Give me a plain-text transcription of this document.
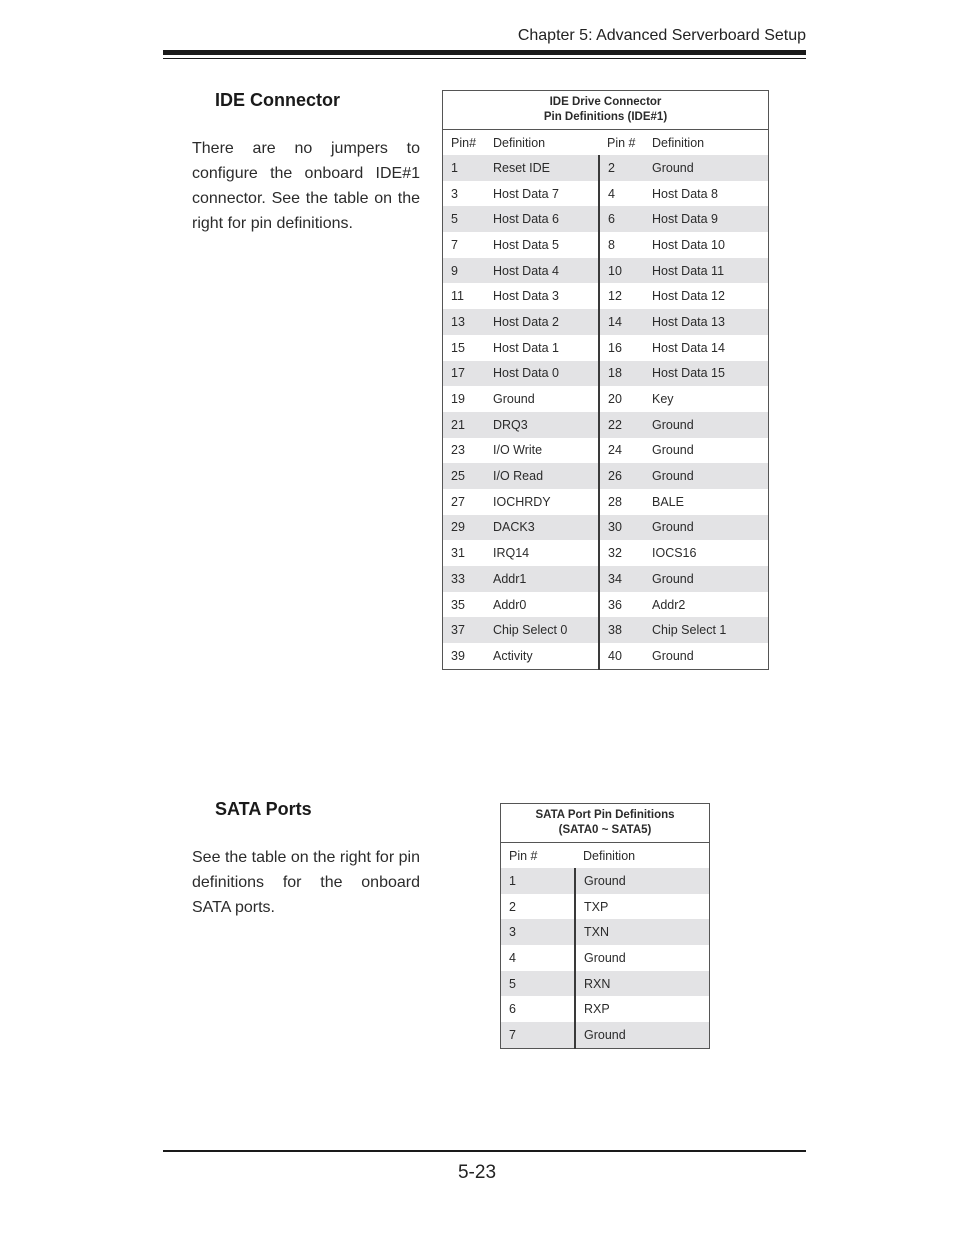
Chapter 5: Advanced Serverboard Setup
IDE Connector

There are no jumpers to configure the onboard IDE#1 connector. See the table on the right for pin definitions.

IDE Drive Connector
Pin Definitions (IDE#1)			
Pin#	Definition	Pin #	Definition
1	Reset IDE	2	Ground
3	Host Data 7	4	Host Data 8
5	Host Data 6	6	Host Data 9
7	Host Data 5	8	Host Data 10
9	Host Data 4	10	Host Data 11
11	Host Data 3	12	Host Data 12
13	Host Data 2	14	Host Data 13
15	Host Data 1	16	Host Data 14
17	Host Data 0	18	Host Data 15
19	Ground	20	Key
21	DRQ3	22	Ground
23	I/O Write	24	Ground
25	I/O Read	26	Ground
27	IOCHRDY	28	BALE
29	DACK3	30	Ground
31	IRQ14	32	IOCS16
33	Addr1	34	Ground
35	Addr0	36	Addr2
37	Chip Select 0	38	Chip Select 1
39	Activity	40	Ground
SATA Ports

See the table on the right for pin definitions for the onboard SATA ports.

SATA Port Pin Definitions
(SATA0 ~ SATA5)	
Pin #	Definition
1	Ground
2	TXP
3	TXN
4	Ground
5	RXN
6	RXP
7	Ground
5-23
